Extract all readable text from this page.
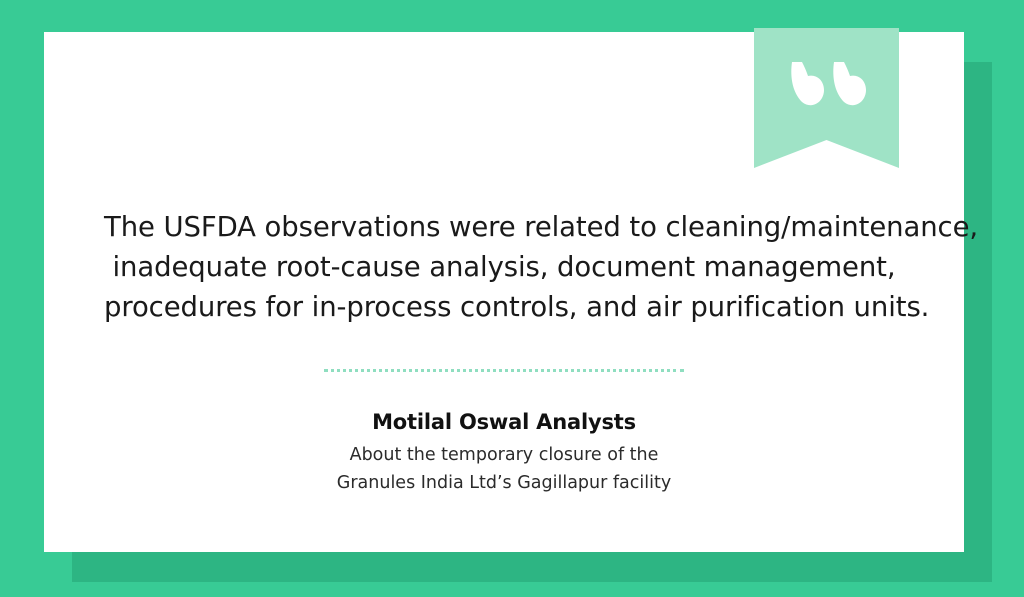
The USFDA observations were related to cleaning/maintenance,
inadequate root-cause analysis, document management,
procedures for in-process controls, and air purification units.
Motilal Oswal Analysts
About the temporary closure of the
Granules India Ltd’s Gagillapur facility
